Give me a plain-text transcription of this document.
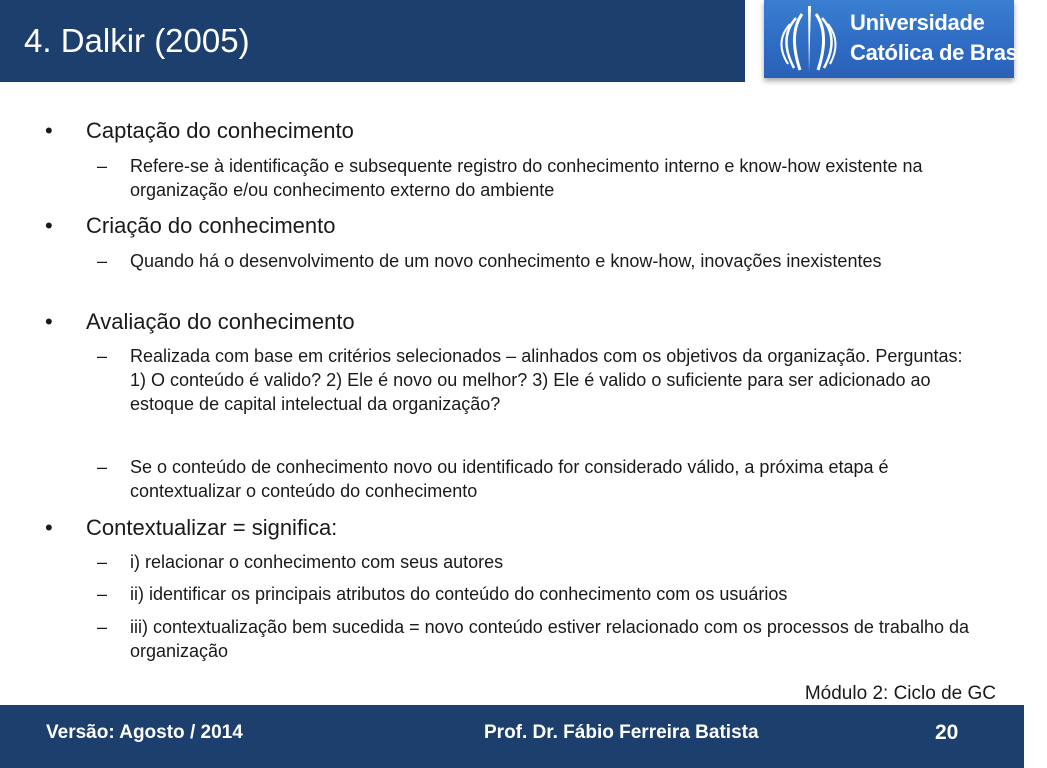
4. Dalkir (2005)	Universidade
Católica de Brasília

• Captação do conhecimento

– Refere-se à identificação e subsequente registro do conhecimento interno e know-how existente na organização e/ou conhecimento externo do ambiente

• Criação do conhecimento

– Quando há o desenvolvimento de um novo conhecimento e know-how, inovações inexistentes

• Avaliação do conhecimento

– Realizada com base em critérios selecionados – alinhados com os objetivos da organização. Perguntas: 1) O conteúdo é valido? 2) Ele é novo ou melhor? 3) Ele é valido o suficiente para ser adicionado ao estoque de capital intelectual da organização?

– Se o conteúdo de conhecimento novo ou identificado for considerado válido, a próxima etapa é contextualizar o conteúdo do conhecimento

• Contextualizar = significa:

– i) relacionar o conhecimento com seus autores

– ii) identificar os principais atributos do conteúdo do conhecimento com os usuários

– iii) contextualização bem sucedida = novo conteúdo estiver relacionado com os processos de trabalho da organização

Módulo 2: Ciclo de GC
Versão: Agosto / 2014	Prof. Dr. Fábio Ferreira Batista	20
